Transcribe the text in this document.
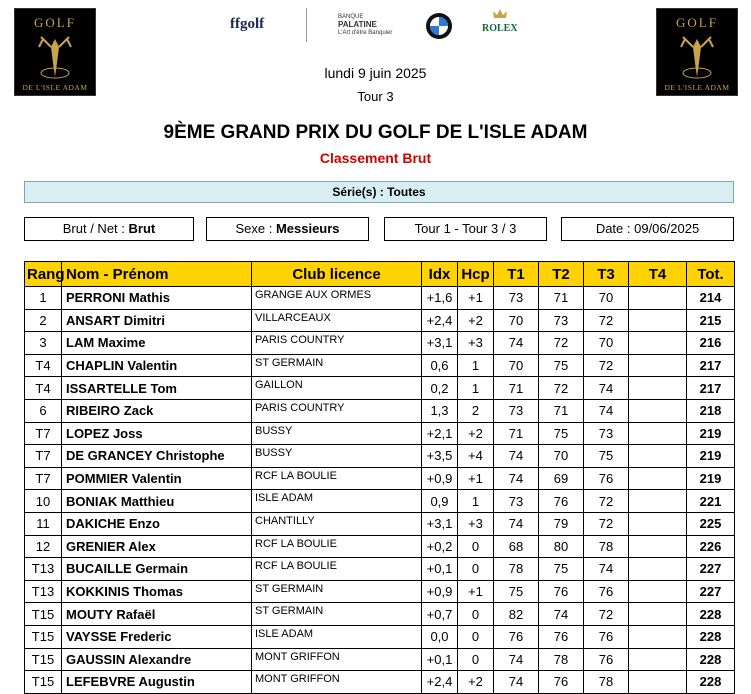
GOLF
DE L'ISLE ADAM
GOLF
DE L'ISLE ADAM
ffgolf	BANQUE
PALATINE
L'Art d'être Banquier	ROLEX
lundi 9 juin 2025
Tour 3
9ÈME GRAND PRIX DU GOLF DE L'ISLE ADAM
Classement Brut
Série(s) : Toutes
Brut / Net : Brut	Sexe : Messieurs	Tour 1 - Tour 3 / 3	Date : 09/06/2025
Rang	Nom - Prénom	Club licence	Idx	Hcp	T1	T2	T3	T4	Tot.
1	PERRONI Mathis	GRANGE AUX ORMES	+1,6	+1	73	71	70		214
2	ANSART Dimitri	VILLARCEAUX	+2,4	+2	70	73	72		215
3	LAM Maxime	PARIS COUNTRY	+3,1	+3	74	72	70		216
T4	CHAPLIN Valentin	ST GERMAIN	0,6	1	70	75	72		217
T4	ISSARTELLE Tom	GAILLON	0,2	1	71	72	74		217
6	RIBEIRO Zack	PARIS COUNTRY	1,3	2	73	71	74		218
T7	LOPEZ Joss	BUSSY	+2,1	+2	71	75	73		219
T7	DE GRANCEY Christophe	BUSSY	+3,5	+4	74	70	75		219
T7	POMMIER Valentin	RCF LA BOULIE	+0,9	+1	74	69	76		219
10	BONIAK Matthieu	ISLE ADAM	0,9	1	73	76	72		221
11	DAKICHE Enzo	CHANTILLY	+3,1	+3	74	79	72		225
12	GRENIER Alex	RCF LA BOULIE	+0,2	0	68	80	78		226
T13	BUCAILLE Germain	RCF LA BOULIE	+0,1	0	78	75	74		227
T13	KOKKINIS Thomas	ST GERMAIN	+0,9	+1	75	76	76		227
T15	MOUTY Rafaël	ST GERMAIN	+0,7	0	82	74	72		228
T15	VAYSSE Frederic	ISLE ADAM	0,0	0	76	76	76		228
T15	GAUSSIN Alexandre	MONT GRIFFON	+0,1	0	74	78	76		228
T15	LEFEBVRE Augustin	MONT GRIFFON	+2,4	+2	74	76	78		228
